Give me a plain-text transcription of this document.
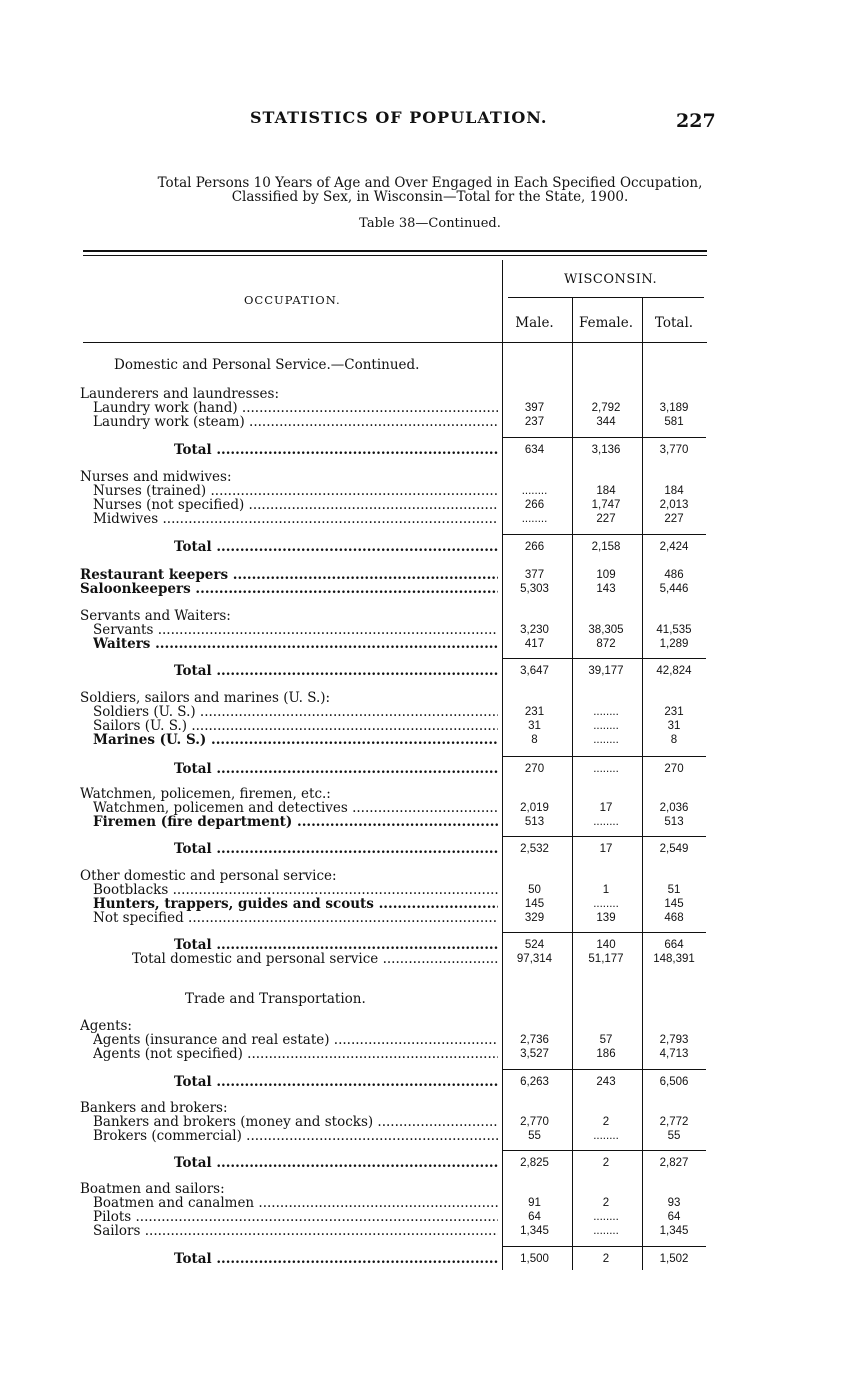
STATISTICS OF POPULATION.	227
Total Persons 10 Years of Age and Over Engaged in Each Specified Occupation,
Classified by Sex, in Wisconsin—Total for the State, 1900.
Table 38—Continued.
OCCUPATION.
WISCONSIN.
Male.	Female.	Total.
Domestic and Personal Service.—Continued.
Trade and Transportation.
Launderers and laundresses:
Laundry work (hand) .....	397	2,792	3,189
Laundry work (steam) .....	237	344	581
Total .....	634	3,136	3,770
Nurses and midwives:
Nurses (trained) .....	........	184	184
Nurses (not specified) .....	266	1,747	2,013
Midwives .....	........	227	227
Total .....	266	2,158	2,424
Restaurant keepers .....	377	109	486
Saloonkeepers .....	5,303	143	5,446
Servants and Waiters:
Servants .....	3,230	38,305	41,535
Waiters .....	417	872	1,289
Total .....	3,647	39,177	42,824
Soldiers, sailors and marines (U. S.):
Soldiers (U. S.) .....	231	........	231
Sailors (U. S.) .....	31	........	31
Marines (U. S.) .....	8	........	8
Total .....	270	........	270
Watchmen, policemen, firemen, etc.:
Watchmen, policemen and detectives .....	2,019	17	2,036
Firemen (fire department) .....	513	........	513
Total .....	2,532	17	2,549
Other domestic and personal service:
Bootblacks .....	50	1	51
Hunters, trappers, guides and scouts .....	145	........	145
Not specified .....	329	139	468
Total .....	524	140	664
Total domestic and personal service .....	97,314	51,177	148,391
Agents:
Agents (insurance and real estate) .....	2,736	57	2,793
Agents (not specified) .....	3,527	186	4,713
Total .....	6,263	243	6,506
Bankers and brokers:
Bankers and brokers (money and stocks) .....	2,770	2	2,772
Brokers (commercial) .....	55	........	55
Total .....	2,825	2	2,827
Boatmen and sailors:
Boatmen and canalmen .....	91	2	93
Pilots .....	64	........	64
Sailors .....	1,345	........	1,345
Total .....	1,500	2	1,502
